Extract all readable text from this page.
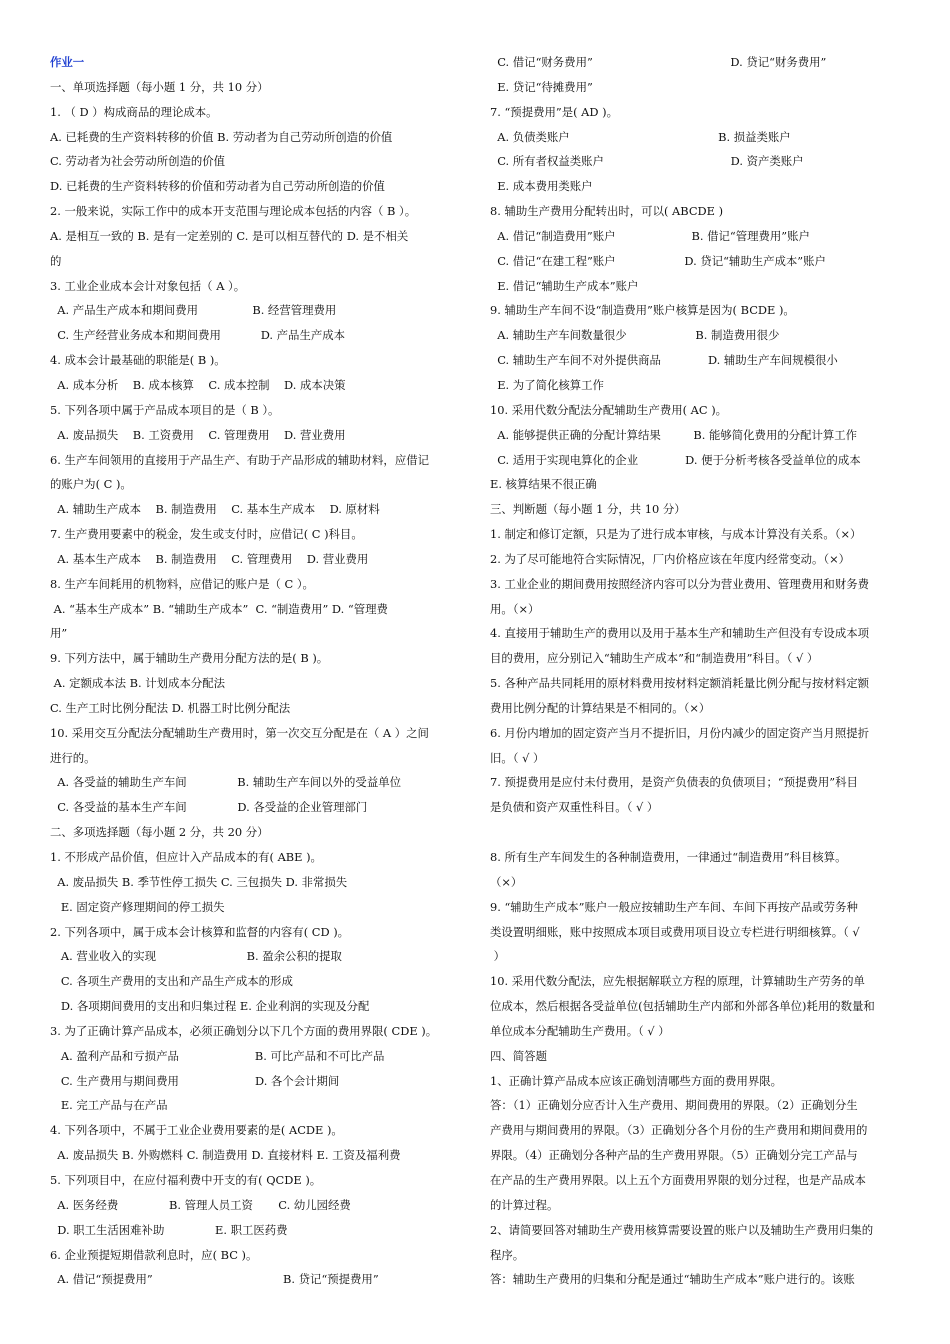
作业一
一、单项选择题（每小题 1 分，共 10 分）
1. （ D ）构成商品的理论成本。
A. 已耗费的生产资料转移的价值 B. 劳动者为自己劳动所创造的价值
C. 劳动者为社会劳动所创造的价值
D. 已耗费的生产资料转移的价值和劳动者为自己劳动所创造的价值
2. 一般来说，实际工作中的成本开支范围与理论成本包括的内容（ B ）。
A. 是相互一致的 B. 是有一定差别的 C. 是可以相互替代的 D. 是不相关
的
3. 工业企业成本会计对象包括（ A ）。
A. 产品生产成本和期间费用               B. 经营管理费用
C. 生产经营业务成本和期间费用           D. 产品生产成本
4. 成本会计最基础的职能是( B )。
A. 成本分析    B. 成本核算    C. 成本控制    D. 成本决策
5. 下列各项中属于产品成本项目的是（ B ）。
A. 废品损失    B. 工资费用    C. 管理费用    D. 营业费用
6. 生产车间领用的直接用于产品生产、有助于产品形成的辅助材料，应借记
的账户为( C )。
A. 辅助生产成本    B. 制造费用    C. 基本生产成本    D. 原材料
7. 生产费用要素中的税金，发生或支付时，应借记( C )科目。
A. 基本生产成本    B. 制造费用    C. 管理费用    D. 营业费用
8. 生产车间耗用的机物料，应借记的账户是（ C ）。
A. “基本生产成本” B. “辅助生产成本”  C. “制造费用” D. “管理费
用”
9. 下列方法中，属于辅助生产费用分配方法的是( B )。
A. 定额成本法 B. 计划成本分配法
C. 生产工时比例分配法 D. 机器工时比例分配法
10. 采用交互分配法分配辅助生产费用时，第一次交互分配是在（ A ）之间
进行的。
A. 各受益的辅助生产车间              B. 辅助生产车间以外的受益单位
C. 各受益的基本生产车间              D. 各受益的企业管理部门
二、多项选择题（每小题 2 分，共 20 分）
1. 不形成产品价值，但应计入产品成本的有( ABE )。
A. 废品损失 B. 季节性停工损失 C. 三包损失 D. 非常损失
E. 固定资产修理期间的停工损失
2. 下列各项中，属于成本会计核算和监督的内容有( CD )。
A. 营业收入的实现                         B. 盈余公积的提取
C. 各项生产费用的支出和产品生产成本的形成
D. 各项期间费用的支出和归集过程 E. 企业利润的实现及分配
3. 为了正确计算产品成本，必须正确划分以下几个方面的费用界限( CDE )。
A. 盈利产品和亏损产品                     B. 可比产品和不可比产品
C. 生产费用与期间费用                     D. 各个会计期间
E. 完工产品与在产品
4. 下列各项中，不属于工业企业费用要素的是( ACDE )。
A. 废品损失 B. 外购燃料 C. 制造费用 D. 直接材料 E. 工资及福利费
5. 下列项目中，在应付福利费中开支的有( QCDE )。
A. 医务经费              B. 管理人员工资       C. 幼儿园经费
D. 职工生活困难补助              E. 职工医药费
6. 企业预提短期借款利息时，应( BC )。
A. 借记“预提费用”                                    B. 贷记“预提费用”
C. 借记“财务费用”                                      D. 贷记“财务费用”
E. 贷记“待摊费用”
7. “预提费用”是( AD )。
A. 负债类账户                                         B. 损益类账户
C. 所有者权益类账户                                   D. 资产类账户
E. 成本费用类账户
8. 辅助生产费用分配转出时，可以( ABCDE )
A. 借记“制造费用”账户                     B. 借记“管理费用”账户
C. 借记“在建工程”账户                   D. 贷记“辅助生产成本”账户
E. 借记“辅助生产成本”账户
9. 辅助生产车间不设“制造费用”账户核算是因为( BCDE )。
A. 辅助生产车间数量很少                   B. 制造费用很少
C. 辅助生产车间不对外提供商品             D. 辅助生产车间规模很小
E. 为了简化核算工作
10. 采用代数分配法分配辅助生产费用( AC )。
A. 能够提供正确的分配计算结果         B. 能够简化费用的分配计算工作
C. 适用于实现电算化的企业             D. 便于分析考核各受益单位的成本
E. 核算结果不很正确
三、判断题（每小题 1 分，共 10 分）
1. 制定和修订定额，只是为了进行成本审核，与成本计算没有关系。（×）
2. 为了尽可能地符合实际情况，厂内价格应该在年度内经常变动。（×）
3. 工业企业的期间费用按照经济内容可以分为营业费用、管理费用和财务费
用。（×）
4. 直接用于辅助生产的费用以及用于基本生产和辅助生产但没有专设成本项
目的费用，应分别记入“辅助生产成本”和“制造费用”科目。（ √ ）
5. 各种产品共同耗用的原材料费用按材料定额消耗量比例分配与按材料定额
费用比例分配的计算结果是不相同的。（×）
6. 月份内增加的固定资产当月不提折旧，月份内减少的固定资产当月照提折
旧。（ √ ）
7. 预提费用是应付未付费用，是资产负债表的负债项目；“预提费用”科目
是负债和资产双重性科目。（ √ ）
8. 所有生产车间发生的各种制造费用，一律通过“制造费用”科目核算。
（×）
9. “辅助生产成本”账户一般应按辅助生产车间、车间下再按产品或劳务种
类设置明细账，账中按照成本项目或费用项目设立专栏进行明细核算。（ √
）
10. 采用代数分配法，应先根据解联立方程的原理，计算辅助生产劳务的单
位成本，然后根据各受益单位(包括辅助生产内部和外部各单位)耗用的数量和
单位成本分配辅助生产费用。（ √ ）
四、简答题
1、正确计算产品成本应该正确划清哪些方面的费用界限。
答：（1）正确划分应否计入生产费用、期间费用的界限。（2）正确划分生
产费用与期间费用的界限。（3）正确划分各个月份的生产费用和期间费用的
界限。（4）正确划分各种产品的生产费用界限。（5）正确划分完工产品与
在产品的生产费用界限。以上五个方面费用界限的划分过程，也是产品成本
的计算过程。
2、请简要回答对辅助生产费用核算需要设置的账户以及辅助生产费用归集的
程序。
答：辅助生产费用的归集和分配是通过“辅助生产成本”账户进行的。该账
